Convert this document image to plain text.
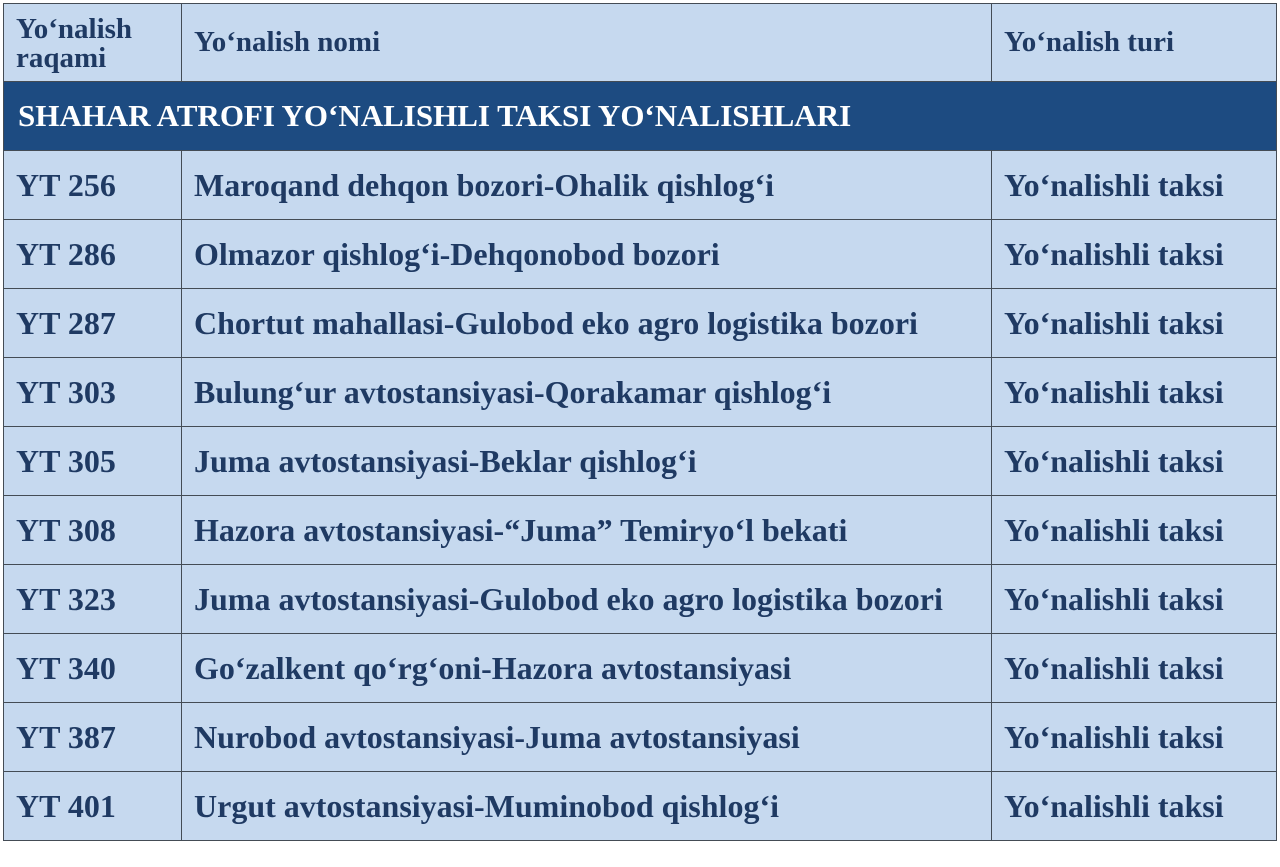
Yo‘nalish raqami	Yo‘nalish nomi	Yo‘nalish turi
SHAHAR ATROFI YO‘NALISHLI TAKSI YO‘NALISHLARI		
YT 256	Maroqand dehqon bozori-Ohalik qishlog‘i	Yo‘nalishli taksi
YT 286	Olmazor qishlog‘i-Dehqonobod bozori	Yo‘nalishli taksi
YT 287	Chortut mahallasi-Gulobod eko agro logistika bozori	Yo‘nalishli taksi
YT 303	Bulung‘ur avtostansiyasi-Qorakamar qishlog‘i	Yo‘nalishli taksi
YT 305	Juma avtostansiyasi-Beklar qishlog‘i	Yo‘nalishli taksi
YT 308	Hazora avtostansiyasi-“Juma” Temiryo‘l bekati	Yo‘nalishli taksi
YT 323	Juma avtostansiyasi-Gulobod eko agro logistika bozori	Yo‘nalishli taksi
YT 340	Go‘zalkent qo‘rg‘oni-Hazora avtostansiyasi	Yo‘nalishli taksi
YT 387	Nurobod avtostansiyasi-Juma avtostansiyasi	Yo‘nalishli taksi
YT 401	Urgut avtostansiyasi-Muminobod qishlog‘i	Yo‘nalishli taksi
